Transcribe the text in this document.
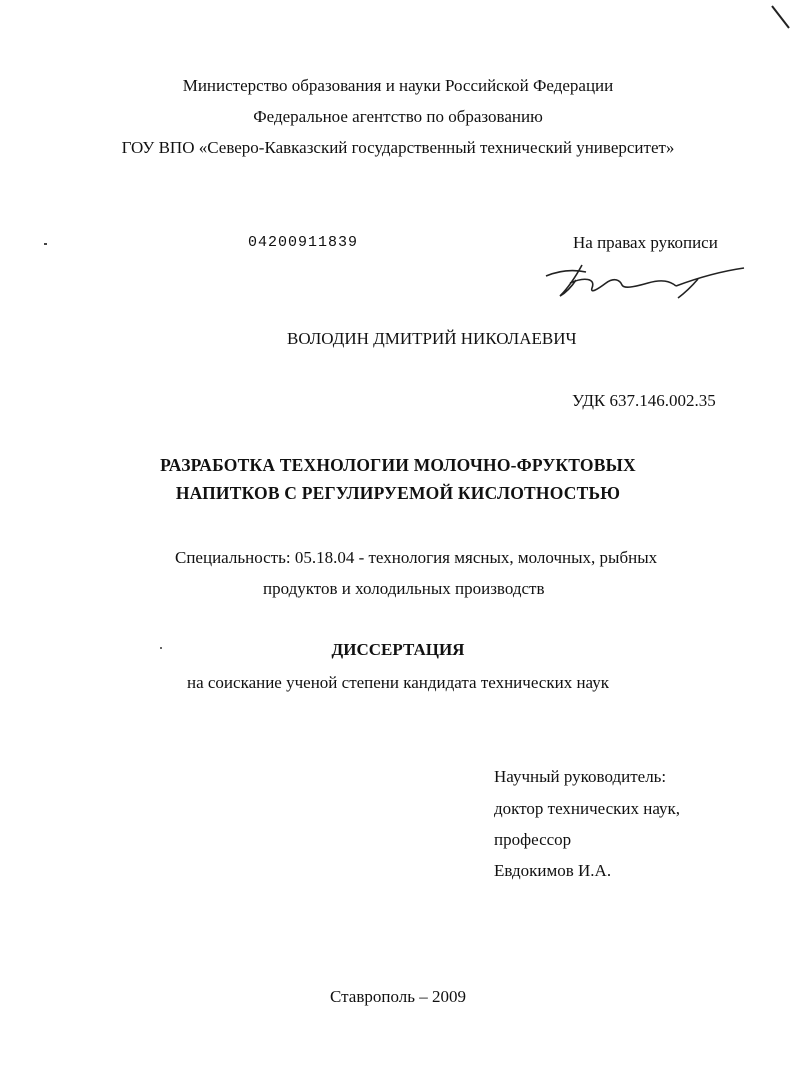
Министерство образования и науки Российской Федерации
Федеральное агентство по образованию
ГОУ ВПО «Северо-Кавказский государственный технический университет»
04200911839	На правах рукописи
ВОЛОДИН ДМИТРИЙ НИКОЛАЕВИЧ
УДК 637.146.002.35
РАЗРАБОТКА ТЕХНОЛОГИИ МОЛОЧНО-ФРУКТОВЫХ
НАПИТКОВ С РЕГУЛИРУЕМОЙ КИСЛОТНОСТЬЮ
Специальность: 05.18.04 - технология мясных, молочных, рыбных
продуктов и холодильных производств
ДИССЕРТАЦИЯ
на соискание ученой степени кандидата технических наук
Научный руководитель:
доктор технических наук,
профессор
Евдокимов И.А.
Ставрополь – 2009
